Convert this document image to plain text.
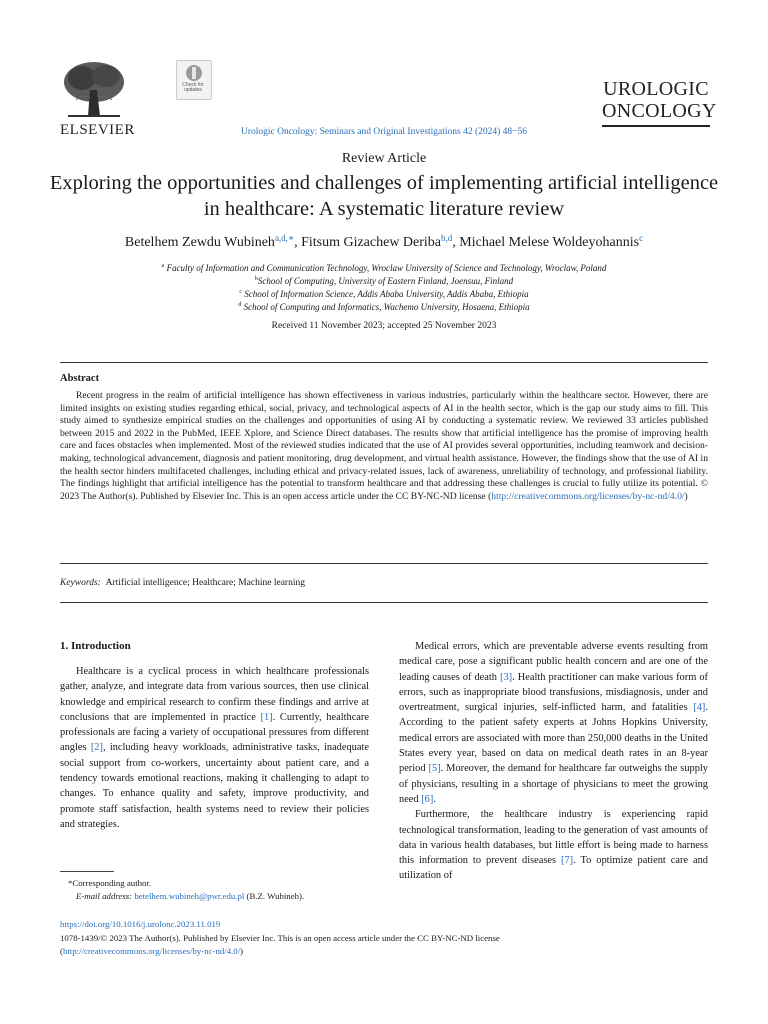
ELSEVIER
Check for updates
Urologic Oncology: Seminars and Original Investigations 42 (2024) 48−56
UROLOGIC
ONCOLOGY
Review Article
Exploring the opportunities and challenges of implementing artificial intelligence in healthcare: A systematic literature review
Betelhem Zewdu Wubineh$^{a,d,∗}$, Fitsum Gizachew Deriba$^{b,d}$, Michael Melese Woldeyohannis$^c$
$^a$ Faculty of Information and Communication Technology, Wroclaw University of Science and Technology, Wroclaw, Poland
$^b$School of Computing, University of Eastern Finland, Joensuu, Finland
$^c$ School of Information Science, Addis Ababa University, Addis Ababa, Ethiopia
$^d$ School of Computing and Informatics, Wachemo University, Hosaena, Ethiopia
Received 11 November 2023; accepted 25 November 2023
Abstract
Recent progress in the realm of artificial intelligence has shown effectiveness in various industries, particularly within the healthcare sector. However, there are limited insights on existing studies regarding ethical, social, privacy, and technological aspects of AI in the health sector, which is the gap our study aims to fill. This study aimed to synthesize empirical studies on the challenges and opportunities of using AI by conducting a systematic review. We reviewed 33 articles published between 2015 and 2022 in the PubMed, IEEE Xplore, and Science Direct databases. The results show that artificial intelligence has the promise of improving health care and faces obstacles when implemented. Most of the reviewed studies indicated that the use of AI provides several opportunities, including teamwork and decision-making, technological advancement, diagnosis and patient monitoring, drug development, and virtual health assistance. However, the findings show that the use of AI in the health sector hinders multifaceted challenges, including ethical and privacy-related issues, lack of awareness, unreliability of technology, and professional liability. The findings highlight that artificial intelligence has the potential to transform healthcare and that addressing these challenges is crucial to fully utilize its potential. © 2023 The Author(s). Published by Elsevier Inc. This is an open access article under the CC BY-NC-ND license (http://creativecommons.org/licenses/by-nc-nd/4.0/)
Keywords: Artificial intelligence; Healthcare; Machine learning
1. Introduction

Healthcare is a cyclical process in which healthcare professionals gather, analyze, and integrate data from various sources, then use clinical knowledge and empirical research to confirm these findings and arrive at conclusions that are implemented in practice [1]. Currently, healthcare professionals are facing a variety of occupational pressures from different angles [2], including heavy workloads, administrative tasks, inadequate social support from co-workers, uncertainty about patient care, and a tendency towards emotional reactions, making it challenging to adapt to changes. To enhance quality and safety, improve productivity, and promote staff satisfaction, health systems need to review their policies and strategies.

Medical errors, which are preventable adverse events resulting from medical care, pose a significant public health concern and are one of the leading causes of death [3]. Health practitioner can make various form of errors, such as inappropriate blood transfusions, misdiagnosis, under and overtreatment, surgical injuries, self-inflicted harm, and fatalities [4]. According to the patient safety experts at Johns Hopkins University, medical errors are associated with more than 250,000 deaths in the United States every year, based on data on medical death rates in an 8-year period [5]. Moreover, the demand for healthcare far outweighs the supply of physicians, resulting in a shortage of physicians to meet the growing need [6].

Furthermore, the healthcare industry is experiencing rapid technological transformation, leading to the generation of vast amounts of data in various health databases, but little effort is being made to harness this information to prevent diseases [7]. To optimize patient care and utilization of

*Corresponding author.
E-mail address: betelhem.wubineh@pwr.edu.pl (B.Z. Wubineh).
https://doi.org/10.1016/j.urolonc.2023.11.019
1078-1439/© 2023 The Author(s). Published by Elsevier Inc. This is an open access article under the CC BY-NC-ND license
(http://creativecommons.org/licenses/by-nc-nd/4.0/)
